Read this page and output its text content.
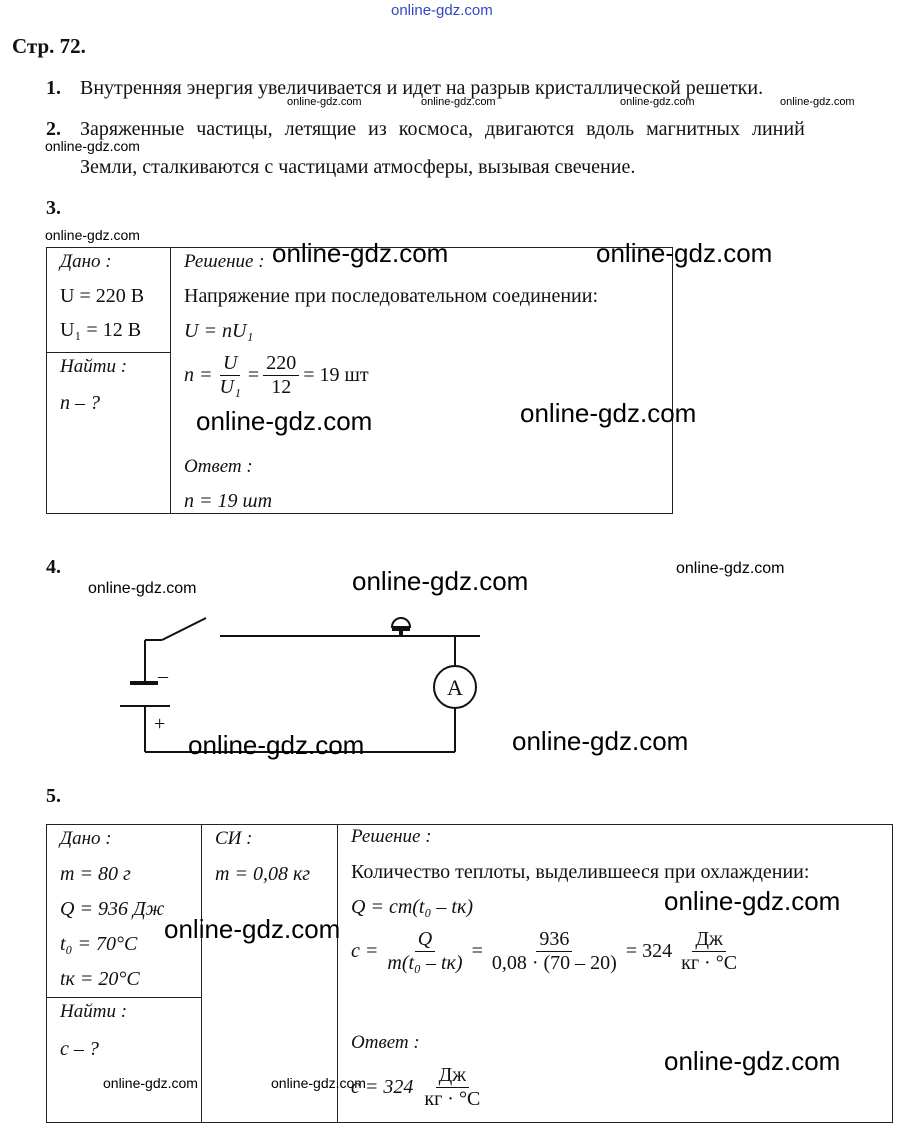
online-gdz.com
Стр. 72.
1. Внутренняя энергия увеличивается и идет на разрыв кристаллической решетки.
online-gdz.com	online-gdz.com	online-gdz.com	online-gdz.com
2. Заряженные частицы, летящие из космоса, двигаются вдоль магнитных линий
online-gdz.com
Земли, сталкиваются с частицами атмосферы, вызывая свечение.
3.
online-gdz.com
Дано :
U = 220 В
U₁ = 12 В
Найти :
n – ?
Решение :
Напряжение при последовательном соединении:
U = nU₁
$n = \frac{U}{\text{U₁}} = \frac{220}{12} = 19$ шт
Ответ :
n = 19 шт
online-gdz.com	online-gdz.com
online-gdz.com	online-gdz.com
4.
online-gdz.com	online-gdz.com	online-gdz.com
A
–
+
online-gdz.com	online-gdz.com
5.
Дано :
m = 80 г
Q = 936 Дж
t₀ = 70°C
tк = 20°C
Найти :
c – ?
СИ :
m = 0,08 кг
Решение :
Количество теплоты, выделившееся при охлаждении:
Q = cm(t₀ – tк)
$c = \frac{Q}{\text{m(t₀ – tк)}} = \frac{936}{0,08 \cdot (70 - 20)} = 324 \frac{Дж}{кг \cdot ^\circ C}$
Ответ :
$c = 324 \frac{Дж}{кг \cdot ^\circ C}$
online-gdz.com
online-gdz.com
online-gdz.com
online-gdz.com	online-gdz.com
